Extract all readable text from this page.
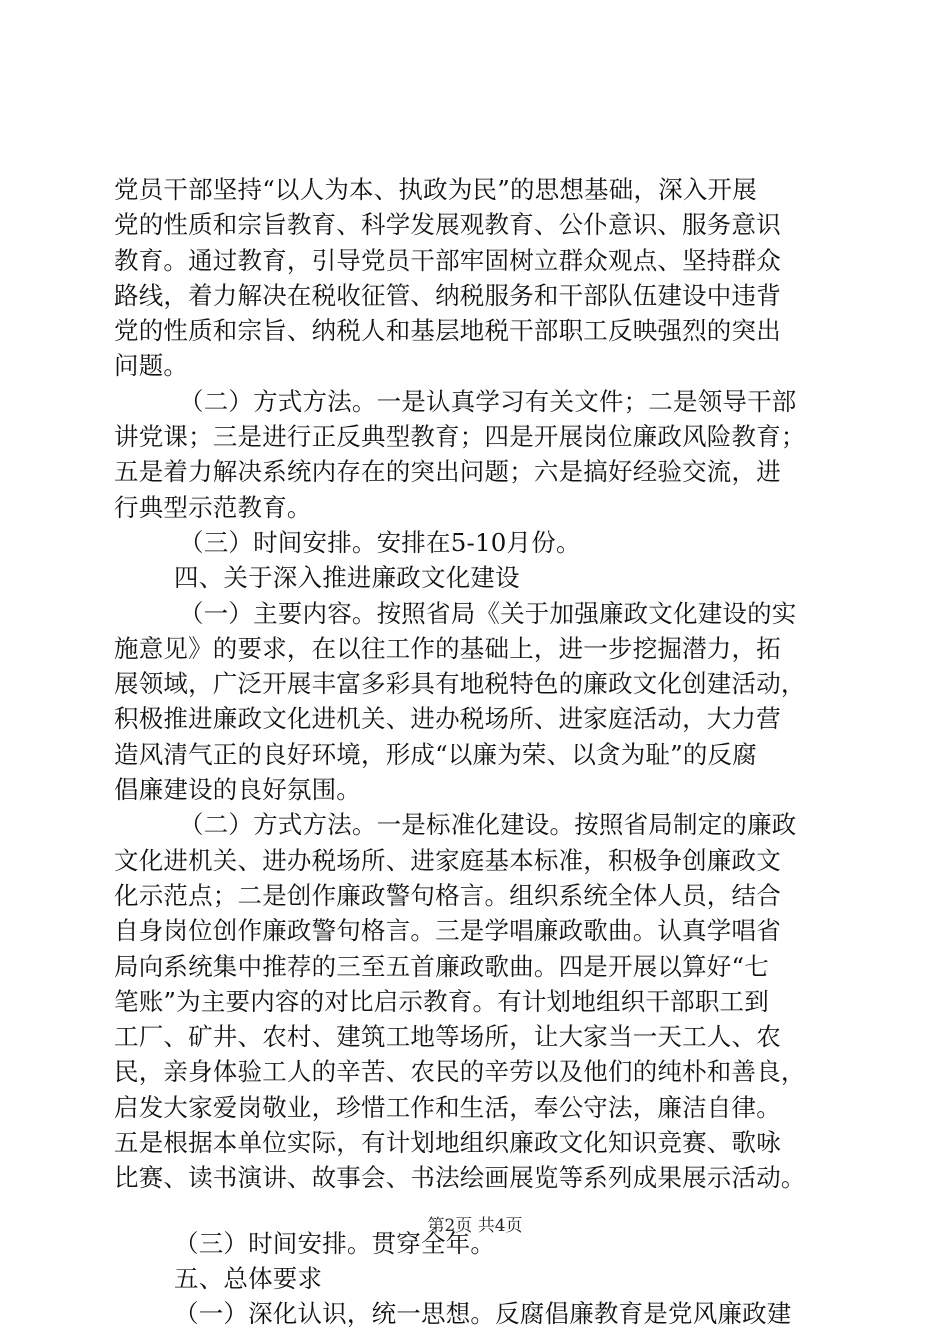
党员干部坚持“以人为本、执政为民”的思想基础，深入开展
党的性质和宗旨教育、科学发展观教育、公仆意识、服务意识
教育。通过教育，引导党员干部牢固树立群众观点、坚持群众
路线，着力解决在税收征管、纳税服务和干部队伍建设中违背
党的性质和宗旨、纳税人和基层地税干部职工反映强烈的突出
问题。
（二）方式方法。一是认真学习有关文件；二是领导干部
讲党课；三是进行正反典型教育；四是开展岗位廉政风险教育；
五是着力解决系统内存在的突出问题；六是搞好经验交流，进
行典型示范教育。
（三）时间安排。安排在5-10月份。
四、关于深入推进廉政文化建设
（一）主要内容。按照省局《关于加强廉政文化建设的实
施意见》的要求，在以往工作的基础上，进一步挖掘潜力，拓
展领域，广泛开展丰富多彩具有地税特色的廉政文化创建活动，
积极推进廉政文化进机关、进办税场所、进家庭活动，大力营
造风清气正的良好环境，形成“以廉为荣、以贪为耻”的反腐
倡廉建设的良好氛围。
（二）方式方法。一是标准化建设。按照省局制定的廉政
文化进机关、进办税场所、进家庭基本标准，积极争创廉政文
化示范点；二是创作廉政警句格言。组织系统全体人员，结合
自身岗位创作廉政警句格言。三是学唱廉政歌曲。认真学唱省
局向系统集中推荐的三至五首廉政歌曲。四是开展以算好“七
笔账”为主要内容的对比启示教育。有计划地组织干部职工到
工厂、矿井、农村、建筑工地等场所，让大家当一天工人、农
民，亲身体验工人的辛苦、农民的辛劳以及他们的纯朴和善良，
启发大家爱岗敬业，珍惜工作和生活，奉公守法，廉洁自律。
五是根据本单位实际，有计划地组织廉政文化知识竞赛、歌咏
比赛、读书演讲、故事会、书法绘画展览等系列成果展示活动。
（三）时间安排。贯穿全年。
五、总体要求
（一）深化认识，统一思想。反腐倡廉教育是党风廉政建
第2页 共4页
